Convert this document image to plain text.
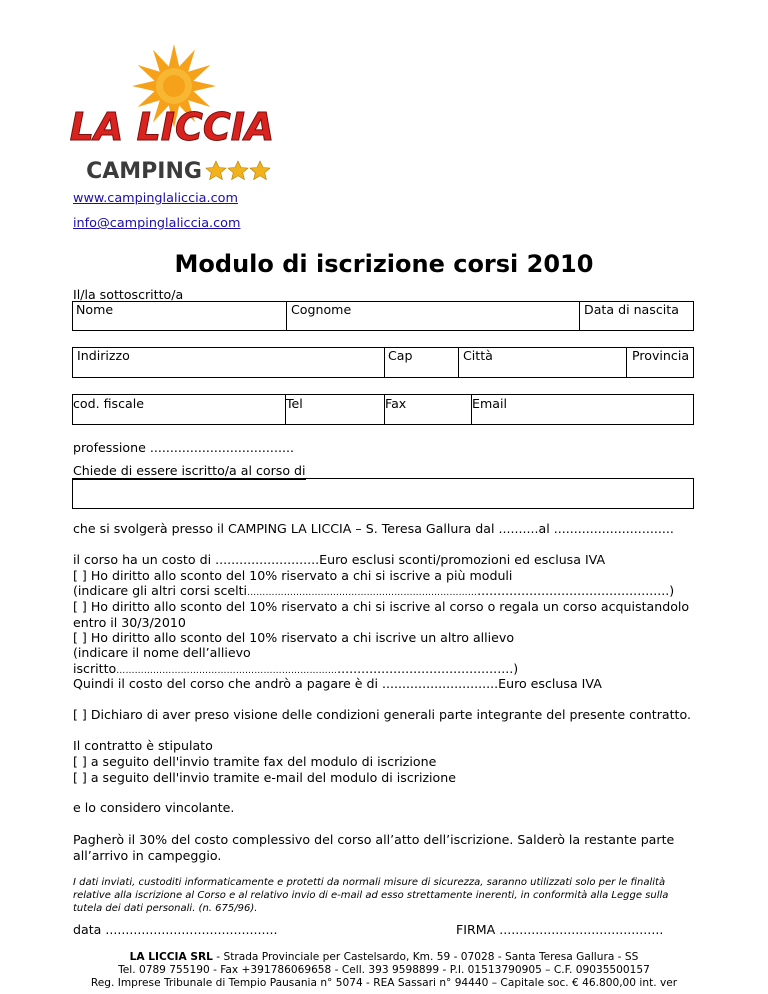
LA LICCIA
CAMPING
www.campinglaliccia.com
info@campinglaliccia.com
Modulo di iscrizione corsi 2010
Il/la sottoscritto/a
Nome	Cognome	Data di nascita
Indirizzo	Cap	Città	Provincia
cod. fiscale	Tel	Fax	Email
professione ....................................
Chiede di essere iscritto/a al corso di
che si svolgerà presso il CAMPING LA LICCIA – S. Teresa Gallura dal ..........al ..............................
il corso ha un costo di ..........................Euro esclusi sconti/promozioni ed esclusa IVA
[ ] Ho diritto allo sconto del 10% riservato a chi si iscrive a più moduli
(indicare gli altri corsi scelti…………………………………………………………………................................................)
[ ] Ho diritto allo sconto del 10% riservato a chi si iscrive al corso o regala un corso acquistandolo entro il 30/3/2010
[ ] Ho diritto allo sconto del 10% riservato a chi iscrive un altro allievo
(indicare il nome dell’allievo iscritto………………………………………………………………............................................)
Quindi il costo del corso che andrò a pagare è di .............................Euro esclusa IVA
[ ] Dichiaro di aver preso visione delle condizioni generali parte integrante del presente contratto.
Il contratto è stipulato
[ ] a seguito dell'invio tramite fax del modulo di iscrizione
[ ] a seguito dell'invio tramite e-mail del modulo di iscrizione
e lo considero vincolante.
Pagherò il 30% del costo complessivo del corso all’atto dell’iscrizione. Salderò la restante parte all’arrivo in campeggio.
I dati inviati, custoditi informaticamente e protetti da normali misure di sicurezza, saranno utilizzati solo per le finalità relative alla iscrizione al Corso e al relativo invio di e-mail ad esso strettamente inerenti, in conformità alla Legge sulla tutela dei dati personali. (n. 675/96).
data ...........................................	FIRMA .........................................
LA LICCIA SRL - Strada Provinciale per Castelsardo, Km. 59 - 07028 - Santa Teresa Gallura - SS
Tel. 0789 755190 - Fax +391786069658 - Cell. 393 9598899 - P.I. 01513790905 – C.F. 09035500157
Reg. Imprese Tribunale di Tempio Pausania n° 5074 - REA Sassari n° 94440 – Capitale soc. € 46.800,00 int. ver
